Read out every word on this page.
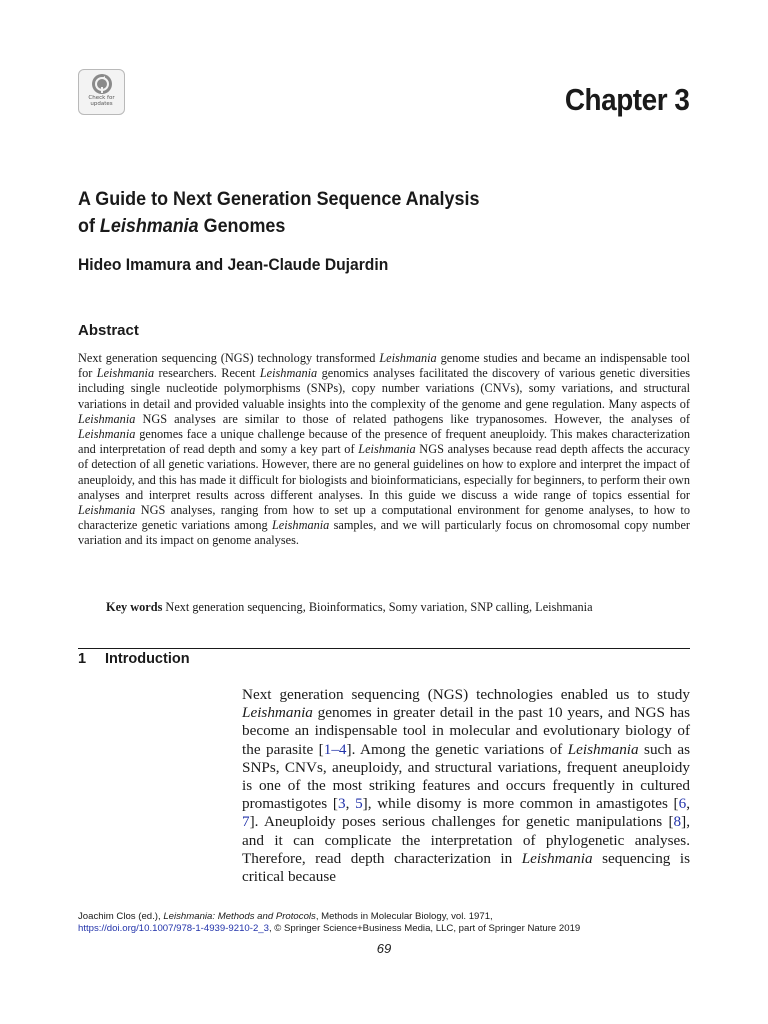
Check for
updates	Chapter 3
A Guide to Next Generation Sequence Analysis
of Leishmania Genomes
Hideo Imamura and Jean-Claude Dujardin
Abstract

Next generation sequencing (NGS) technology transformed Leishmania genome studies and became an indispensable tool for Leishmania researchers. Recent Leishmania genomics analyses facilitated the discovery of various genetic diversities including single nucleotide polymorphisms (SNPs), copy number variations (CNVs), somy variations, and structural variations in detail and provided valuable insights into the complexity of the genome and gene regulation. Many aspects of Leishmania NGS analyses are similar to those of related pathogens like trypanosomes. However, the analyses of Leishmania genomes face a unique challenge because of the presence of frequent aneuploidy. This makes characterization and interpretation of read depth and somy a key part of Leishmania NGS analyses because read depth affects the accuracy of detection of all genetic variations. However, there are no general guidelines on how to explore and interpret the impact of aneuploidy, and this has made it difficult for biologists and bioinformaticians, especially for beginners, to perform their own analyses and interpret results across different analyses. In this guide we discuss a wide range of topics essential for Leishmania NGS analyses, ranging from how to set up a computational environment for genome analyses, to how to characterize genetic variations among Leishmania samples, and we will particularly focus on chromosomal copy number variation and its impact on genome analyses.

Key words Next generation sequencing, Bioinformatics, Somy variation, SNP calling, Leishmania
1 Introduction

Next generation sequencing (NGS) technologies enabled us to study Leishmania genomes in greater detail in the past 10 years, and NGS has become an indispensable tool in molecular and evolutionary biology of the parasite [1–4]. Among the genetic variations of Leishmania such as SNPs, CNVs, aneuploidy, and structural variations, frequent aneuploidy is one of the most striking features and occurs frequently in cultured promastigotes [3, 5], while disomy is more common in amastigotes [6, 7]. Aneuploidy poses serious challenges for genetic manipulations [8], and it can complicate the interpretation of phylogenetic analyses. Therefore, read depth characterization in Leishmania sequencing is critical because

Joachim Clos (ed.), Leishmania: Methods and Protocols, Methods in Molecular Biology, vol. 1971,
https://doi.org/10.1007/978-1-4939-9210-2_3, © Springer Science+Business Media, LLC, part of Springer Nature 2019
69
